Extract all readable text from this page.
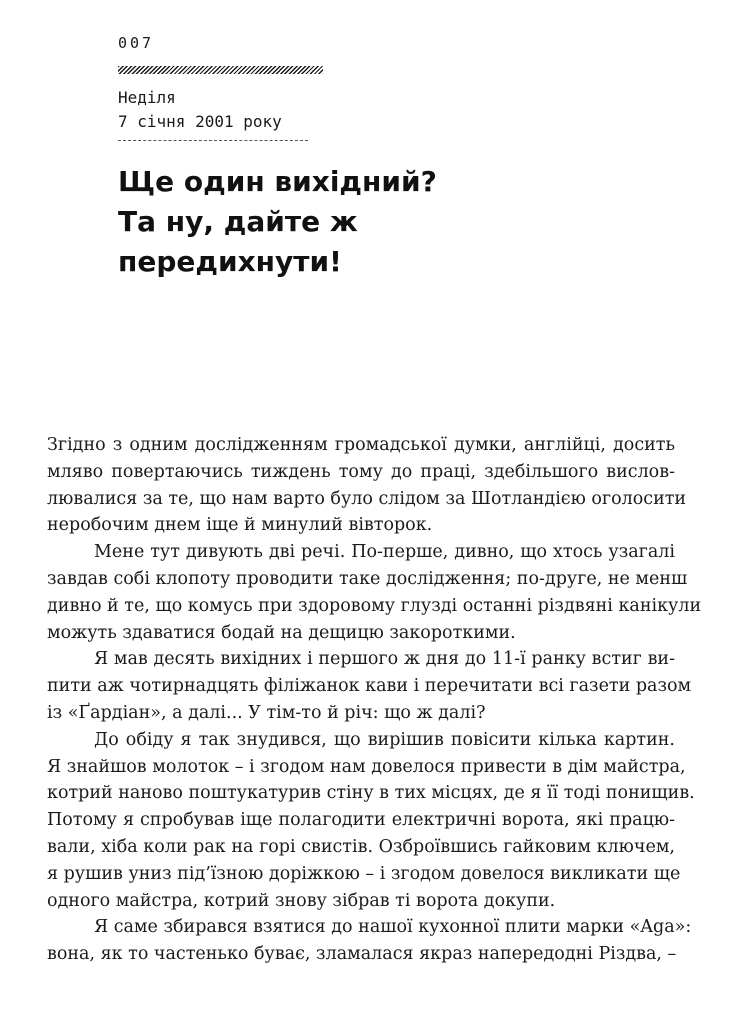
007
Неділя
7 січня 2001 року
Ще один вихідний?
Та ну, дайте ж
передихнути!
Згідно з одним дослідженням громадської думки, англійці, досить
мляво повертаючись тиждень тому до праці, здебільшого вислов-
лювалися за те, що нам варто було слідом за Шотландією оголосити
неробочим днем іще й минулий вівторок.
Мене тут дивують дві речі. По-перше, дивно, що хтось узагалі
завдав собі клопоту проводити таке дослідження; по-друге, не менш
дивно й те, що комусь при здоровому глузді останні різдвяні канікули
можуть здаватися бодай на дещицю закороткими.
Я мав десять вихідних і першого ж дня до 11-ї ранку встиг ви-
пити аж чотирнадцять філіжанок кави і перечитати всі газети разом
із «Ґардіан», а далі... У тім-то й річ: що ж далі?
До обіду я так знудився, що вирішив повісити кілька картин.
Я знайшов молоток – і згодом нам довелося привести в дім майстра,
котрий наново поштукатурив стіну в тих місцях, де я її тоді понищив.
Потому я спробував іще полагодити електричні ворота, які працю-
вали, хіба коли рак на горі свистів. Озброївшись гайковим ключем,
я рушив униз під’їзною доріжкою – і згодом довелося викликати ще
одного майстра, котрий знову зібрав ті ворота докупи.
Я саме збирався взятися до нашої кухонної плити марки «Aga»:
вона, як то частенько буває, зламалася якраз напередодні Різдва, –
